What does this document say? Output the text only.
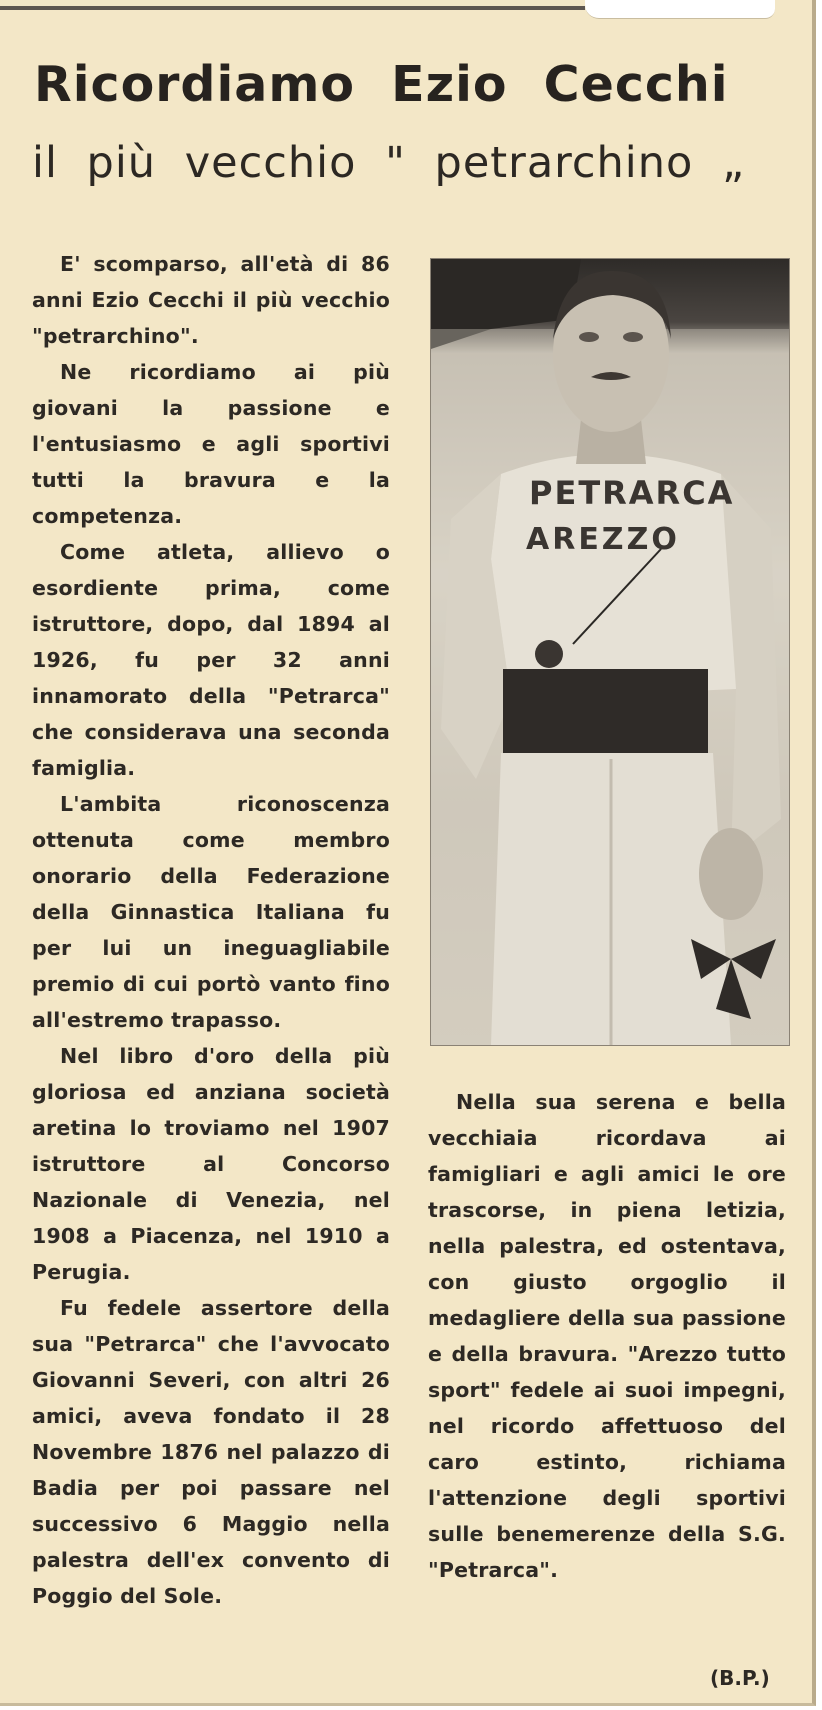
Ricordiamo Ezio Cecchi
il più vecchio " petrarchino „

E' scomparso, all'età di 86 anni Ezio Cecchi il più vecchio "petrarchino".

Ne ricordiamo ai più giovani la passione e l'entusiasmo e agli sportivi tutti la bravura e la competenza.

Come atleta, allievo o esordiente prima, come istruttore, dopo, dal 1894 al 1926, fu per 32 anni innamorato della "Petrarca" che considerava una seconda famiglia.

L'ambita riconoscenza ottenuta come membro onorario della Federazione della Ginnastica Italiana fu per lui un ineguagliabile premio di cui portò vanto fino all'estremo trapasso.

Nel libro d'oro della più gloriosa ed anziana società aretina lo troviamo nel 1907 istruttore al Concorso Nazionale di Venezia, nel 1908 a Piacenza, nel 1910 a Perugia.

Fu fedele assertore della sua "Petrarca" che l'avvocato Giovanni Severi, con altri 26 amici, aveva fondato il 28 Novembre 1876 nel palazzo di Badia per poi passare nel successivo 6 Maggio nella palestra dell'ex convento di Poggio del Sole.

PETRARCA
AREZZO

Nella sua serena e bella vecchiaia ricordava ai famigliari e agli amici le ore trascorse, in piena letizia, nella palestra, ed ostentava, con giusto orgoglio il medagliere della sua passione e della bravura. "Arezzo tutto sport" fedele ai suoi impegni, nel ricordo affettuoso del caro estinto, richiama l'attenzione degli sportivi sulle benemerenze della S.G. "Petrarca".

(B.P.)
